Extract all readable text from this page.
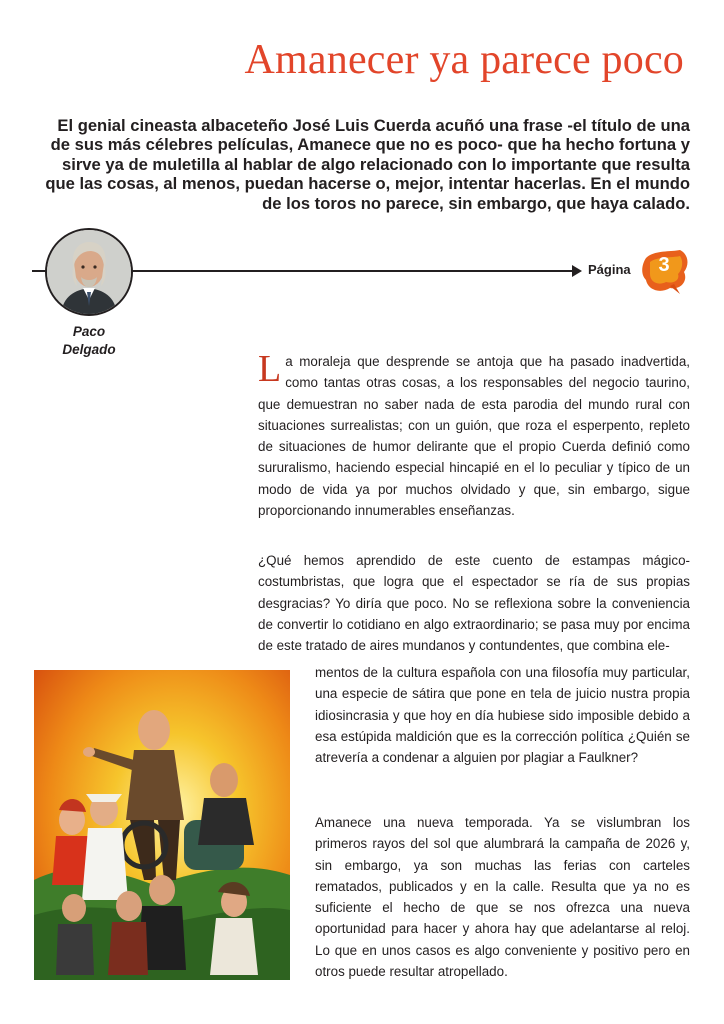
Amanecer ya parece poco

El genial cineasta albaceteño José Luis Cuerda acuñó una frase -el título de una de sus más célebres películas, Amanece que no es poco- que ha hecho fortuna y sirve ya de muletilla al hablar de algo relacionado con lo importante que resulta que las cosas, al menos, puedan hacerse o, mejor, intentar hacerlas. En el mundo de los toros no parece, sin embargo, que haya calado.

Paco
Delgado

Página	3

La moraleja que desprende se antoja que ha pasado inadvertida, como tantas otras cosas, a los responsables del negocio taurino, que demuestran no saber nada de esta parodia del mundo rural con situaciones surrealistas; con un guión, que roza el esperpento, repleto de situaciones de humor delirante que el propio Cuerda definió como sururalismo, haciendo especial hincapié en el lo peculiar y típico de un modo de vida ya por muchos olvidado y que, sin embargo, sigue proporcionando innumerables enseñanzas.

¿Qué hemos aprendido de este cuento de estampas mágico-costumbristas, que logra que el espectador se ría de sus propias desgracias? Yo diría que poco. No se reflexiona sobre la conveniencia de convertir lo cotidiano en algo extraordinario; se pasa muy por encima de este tratado de aires mundanos y contundentes, que combina ele-

mentos de la cultura española con una filosofía muy particular, una especie de sátira que pone en tela de juicio nustra propia idiosincrasia y que hoy en día hubiese sido imposible debido a esa estúpida maldición que es la corrección política ¿Quién se atrevería a condenar a alguien por plagiar a Faulkner?

Amanece una nueva temporada. Ya se vislumbran los primeros rayos del sol que alumbrará la campaña de 2026 y, sin embargo, ya son muchas las ferias con carteles rematados, publicados y en la calle. Resulta que ya no es suficiente el hecho de que se nos ofrezca una nueva oportunidad para hacer y ahora hay que adelantarse al reloj. Lo que en unos casos es algo conveniente y positivo pero en otros puede resultar atropellado.
